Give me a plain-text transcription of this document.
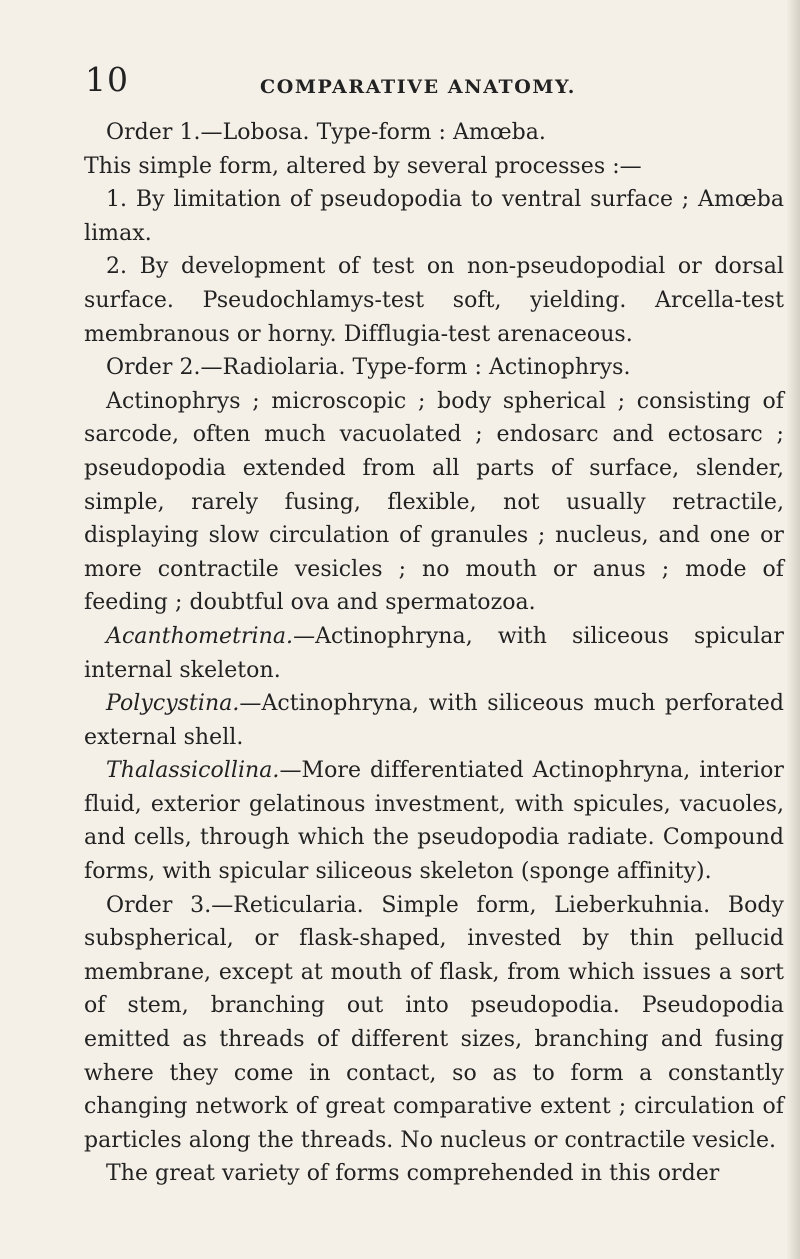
10	COMPARATIVE ANATOMY.

Order 1.—Lobosa. Type-form : Amœba.

This simple form, altered by several processes :—

1. By limitation of pseudopodia to ventral surface ; Amœba limax.

2. By development of test on non-pseudopodial or dorsal surface. Pseudochlamys-test soft, yielding. Arcella-test membranous or horny. Difflugia-test arenaceous.

Order 2.—Radiolaria. Type-form : Actinophrys.

Actinophrys ; microscopic ; body spherical ; consisting of sarcode, often much vacuolated ; endosarc and ectosarc ; pseudopodia extended from all parts of surface, slender, simple, rarely fusing, flexible, not usually retractile, displaying slow circulation of granules ; nucleus, and one or more contractile vesicles ; no mouth or anus ; mode of feeding ; doubtful ova and spermatozoa.

Acanthometrina.—Actinophryna, with siliceous spicular internal skeleton.

Polycystina.—Actinophryna, with siliceous much perforated external shell.

Thalassicollina.—More differentiated Actinophryna, interior fluid, exterior gelatinous investment, with spicules, vacuoles, and cells, through which the pseudopodia radiate. Compound forms, with spicular siliceous skeleton (sponge affinity).

Order 3.—Reticularia. Simple form, Lieberkuhnia. Body subspherical, or flask-shaped, invested by thin pellucid membrane, except at mouth of flask, from which issues a sort of stem, branching out into pseudopodia. Pseudopodia emitted as threads of different sizes, branching and fusing where they come in contact, so as to form a constantly changing network of great comparative extent ; circulation of particles along the threads. No nucleus or contractile vesicle.

The great variety of forms comprehended in this order
